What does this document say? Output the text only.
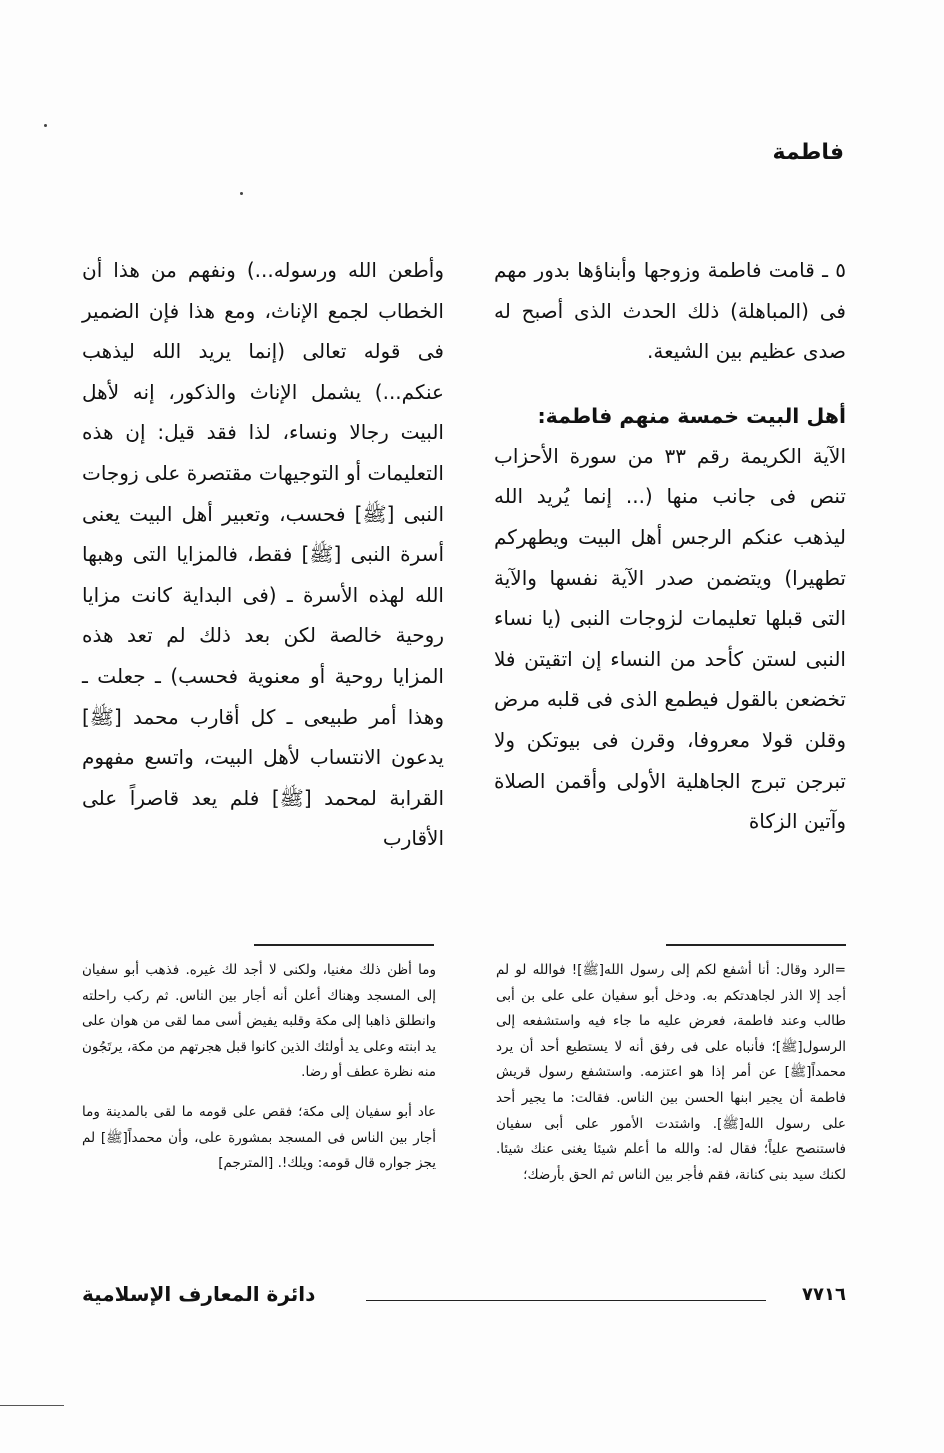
فاطمة

٥ ـ قامت فاطمة وزوجها وأبناؤها بدور مهم فى (المباهلة) ذلك الحدث الذى أصبح له صدى عظيم بين الشيعة.

أهل البيت خمسة منهم فاطمة:

الآية الكريمة رقم ٣٣ من سورة الأحزاب تنص فى جانب منها (... إنما يُريد الله ليذهب عنكم الرجس أهل البيت ويطهركم تطهيرا) ويتضمن صدر الآية نفسها والآية التى قبلها تعليمات لزوجات النبى (يا نساء النبى لستن كأحد من النساء إن اتقيتن فلا تخضعن بالقول فيطمع الذى فى قلبه مرض وقلن قولا معروفا، وقرن فى بيوتكن ولا تبرجن تبرج الجاهلية الأولى وأقمن الصلاة وآتين الزكاة

وأطعن الله ورسوله...) ونفهم من هذا أن الخطاب لجمع الإناث، ومع هذا فإن الضمير فى قوله تعالى (إنما يريد الله ليذهب عنكم...) يشمل الإناث والذكور، إنه لأهل البيت رجالا ونساء، لذا فقد قيل: إن هذه التعليمات أو التوجيهات مقتصرة على زوجات النبى [ﷺ] فحسب، وتعبير أهل البيت يعنى أسرة النبى [ﷺ] فقط، فالمزايا التى وهبها الله لهذه الأسرة ـ (فى البداية كانت مزايا روحية خالصة لكن بعد ذلك لم تعد هذه المزايا روحية أو معنوية فحسب) ـ جعلت ـ وهذا أمر طبيعى ـ كل أقارب محمد [ﷺ] يدعون الانتساب لأهل البيت، واتسع مفهوم القرابة لمحمد [ﷺ] فلم يعد قاصراً على الأقارب

=الرد وقال: أنا أشفع لكم إلى رسول الله[ﷺ]! فوالله لو لم أجد إلا الذر لجاهدتكم به. ودخل أبو سفيان على على بن أبى طالب وعند فاطمة، فعرض عليه ما جاء فيه واستشفعه إلى الرسول[ﷺ]؛ فأنباه على فى رفق أنه لا يستطيع أحد أن يرد محمداً[ﷺ] عن أمر إذا هو اعتزمه. واستشفع رسول قريش فاطمة أن يجير ابنها الحسن بين الناس. فقالت: ما يجير أحد على رسول الله[ﷺ]. واشتدت الأمور على أبى سفيان فاستنصح علياً؛ فقال له: والله ما أعلم شيئا يغنى عنك شيئا. لكنك سيد بنى كنانة، فقم فأجر بين الناس ثم الحق بأرضك؛

وما أظن ذلك مغنيا، ولكنى لا أجد لك غيره. فذهب أبو سفيان إلى المسجد وهناك أعلن أنه أجار بين الناس. ثم ركب راحلته وانطلق ذاهبا إلى مكة وقلبه يفيض أسى مما لقى من هوان على يد ابنته وعلى يد أولئك الذين كانوا قبل هجرتهم من مكة، يرتَجُون منه نظرة عطف أو رضا.

عاد أبو سفيان إلى مكة؛ فقص على قومه ما لقى بالمدينة وما أجار بين الناس فى المسجد بمشورة على، وأن محمداً[ﷺ] لم يجز جواره قال قومه: ويلك!. [المترجم]

٧٧١٦
دائرة المعارف الإسلامية
